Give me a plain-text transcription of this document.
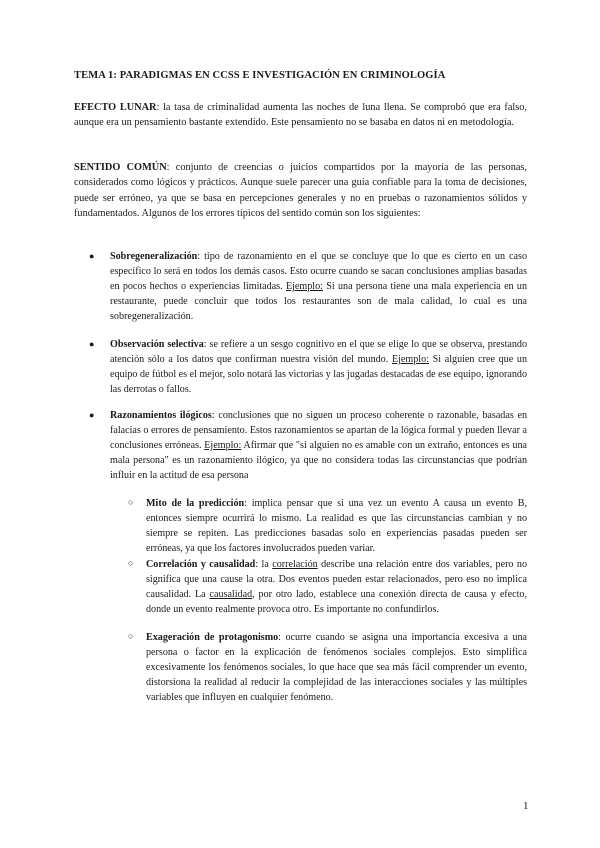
TEMA 1: PARADIGMAS EN CCSS E INVESTIGACIÓN EN CRIMINOLOGÍA

EFECTO LUNAR: la tasa de criminalidad aumenta las noches de luna llena. Se comprobó que era falso, aunque era un pensamiento bastante extendido. Este pensamiento no se basaba en datos ni en metodología.

SENTIDO COMÚN: conjunto de creencias o juicios compartidos por la mayoría de las personas, considerados como lógicos y prácticos. Aunque suele parecer una guía confiable para la toma de decisiones, puede ser erróneo, ya que se basa en percepciones generales y no en pruebas o razonamientos sólidos y fundamentados. Algunos de los errores típicos del sentido común son los siguientes:

● Sobregeneralización: tipo de razonamiento en el que se concluye que lo que es cierto en un caso específico lo será en todos los demás casos. Esto ocurre cuando se sacan conclusiones amplias basadas en pocos hechos o experiencias limitadas. Ejemplo: Si una persona tiene una mala experiencia en un restaurante, puede concluir que todos los restaurantes son de mala calidad, lo cual es una sobregeneralización.

● Observación selectiva: se refiere a un sesgo cognitivo en el que se elige lo que se observa, prestando atención sólo a los datos que confirman nuestra visión del mundo. Ejemplo: Si alguien cree que un equipo de fútbol es el mejor, solo notará las victorias y las jugadas destacadas de ese equipo, ignorando las derrotas o fallos.

● Razonamientos ilógicos: conclusiones que no siguen un proceso coherente o razonable, basadas en falacias o errores de pensamiento. Estos razonamientos se apartan de la lógica formal y pueden llevar a conclusiones erróneas. Ejemplo: Afirmar que "si alguien no es amable con un extraño, entonces es una mala persona" es un razonamiento ilógico, ya que no considera todas las circunstancias que podrían influir en la actitud de esa persona

○ Mito de la predicción: implica pensar que si una vez un evento A causa un evento B, entonces siempre ocurrirá lo mismo. La realidad es que las circunstancias cambian y no siempre se repiten. Las predicciones basadas solo en experiencias pasadas pueden ser erróneas, ya que los factores involucrados pueden variar.

○ Correlación y causalidad: la correlación describe una relación entre dos variables, pero no significa que una cause la otra. Dos eventos pueden estar relacionados, pero eso no implica causalidad. La causalidad, por otro lado, establece una conexión directa de causa y efecto, donde un evento realmente provoca otro. Es importante no confundirlos.

○ Exageración de protagonismo: ocurre cuando se asigna una importancia excesiva a una persona o factor en la explicación de fenómenos sociales complejos. Esto simplifica excesivamente los fenómenos sociales, lo que hace que sea más fácil comprender un evento, distorsiona la realidad al reducir la complejidad de las interacciones sociales y las múltiples variables que influyen en cualquier fenómeno.

1
